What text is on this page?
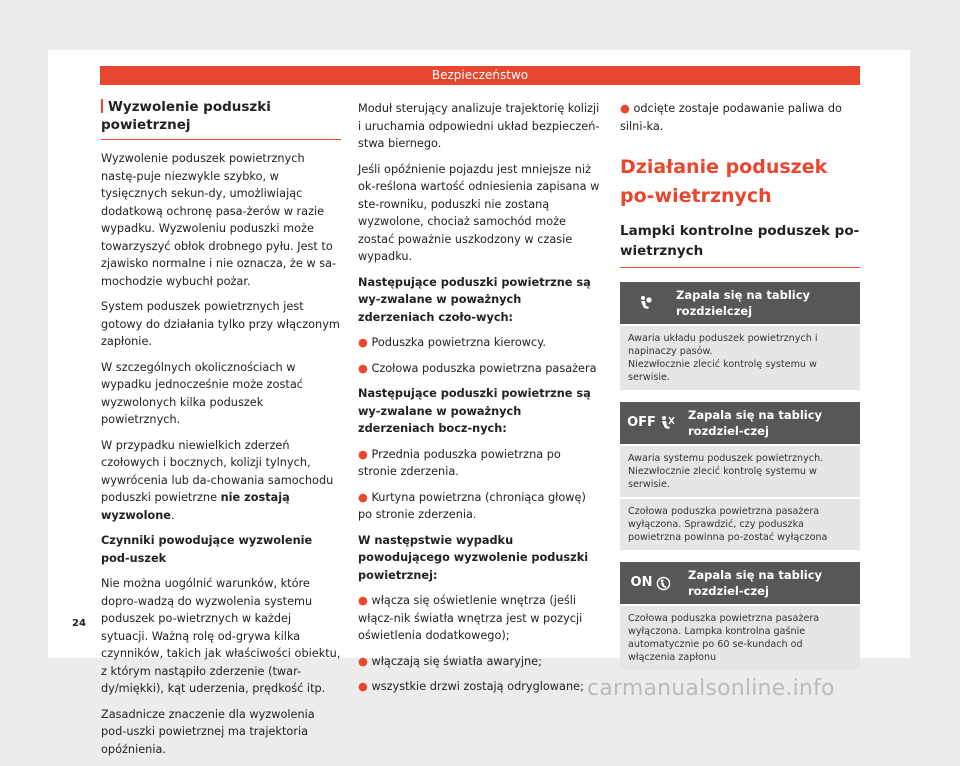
Bezpieczeństwo
Wyzwolenie poduszki powietrznej

Wyzwolenie poduszek powietrznych nastę-puje niezwykle szybko, w tysięcznych sekun-dy, umożliwiając dodatkową ochronę pasa-żerów w razie wypadku. Wyzwoleniu poduszki może towarzyszyć obłok drobnego pyłu. Jest to zjawisko normalne i nie oznacza, że w sa-mochodzie wybuchł pożar.

System poduszek powietrznych jest gotowy do działania tylko przy włączonym zapłonie.

W szczególnych okolicznościach w wypadku jednocześnie może zostać wyzwolonych kilka poduszek powietrznych.

W przypadku niewielkich zderzeń czołowych i bocznych, kolizji tylnych, wywrócenia lub da-chowania samochodu poduszki powietrzne nie zostają wyzwolone.

Czynniki powodujące wyzwolenie pod-uszek

Nie można uogólnić warunków, które dopro-wadzą do wyzwolenia systemu poduszek po-wietrznych w każdej sytuacji. Ważną rolę od-grywa kilka czynników, takich jak właściwości obiektu, z którym nastąpiło zderzenie (twar-dy/miękki), kąt uderzenia, prędkość itp.

Zasadnicze znaczenie dla wyzwolenia pod-uszki powietrznej ma trajektoria opóźnienia.

Moduł sterujący analizuje trajektorię kolizji i uruchamia odpowiedni układ bezpieczeń-stwa biernego.

Jeśli opóźnienie pojazdu jest mniejsze niż ok-reślona wartość odniesienia zapisana w ste-rowniku, poduszki nie zostaną wyzwolone, chociaż samochód może zostać poważnie uszkodzony w czasie wypadku.

Następujące poduszki powietrzne są wy-zwalane w poważnych zderzeniach czoło-wych:

● Poduszka powietrzna kierowcy.

● Czołowa poduszka powietrzna pasażera

Następujące poduszki powietrzne są wy-zwalane w poważnych zderzeniach bocz-nych:

● Przednia poduszka powietrzna po stronie zderzenia.

● Kurtyna powietrzna (chroniąca głowę) po stronie zderzenia.

W następstwie wypadku powodującego wyzwolenie poduszki powietrznej:

● włącza się oświetlenie wnętrza (jeśli włącz-nik światła wnętrza jest w pozycji oświetlenia dodatkowego);

● włączają się światła awaryjne;

● wszystkie drzwi zostają odryglowane;

● odcięte zostaje podawanie paliwa do silni-ka.

Działanie poduszek po-wietrznych
Lampki kontrolne poduszek po-wietrznych
Zapala się na tablicy rozdzielczej
Awaria układu poduszek powietrznych i napinaczy pasów.
Niezwłocznie zlecić kontrolę systemu w serwisie.
OFF	Zapala się na tablicy rozdziel-czej
Awaria systemu poduszek powietrznych.
Niezwłocznie zlecić kontrolę systemu w serwisie.
Czołowa poduszka powietrzna pasażera wyłączona. Sprawdzić, czy poduszka powietrzna powinna po-zostać wyłączona
ON	Zapala się na tablicy rozdziel-czej
Czołowa poduszka powietrzna pasażera wyłączona. Lampka kontrolna gaśnie automatycznie po 60 se-kundach od włączenia zapłonu
24
carmanualsonline.info
